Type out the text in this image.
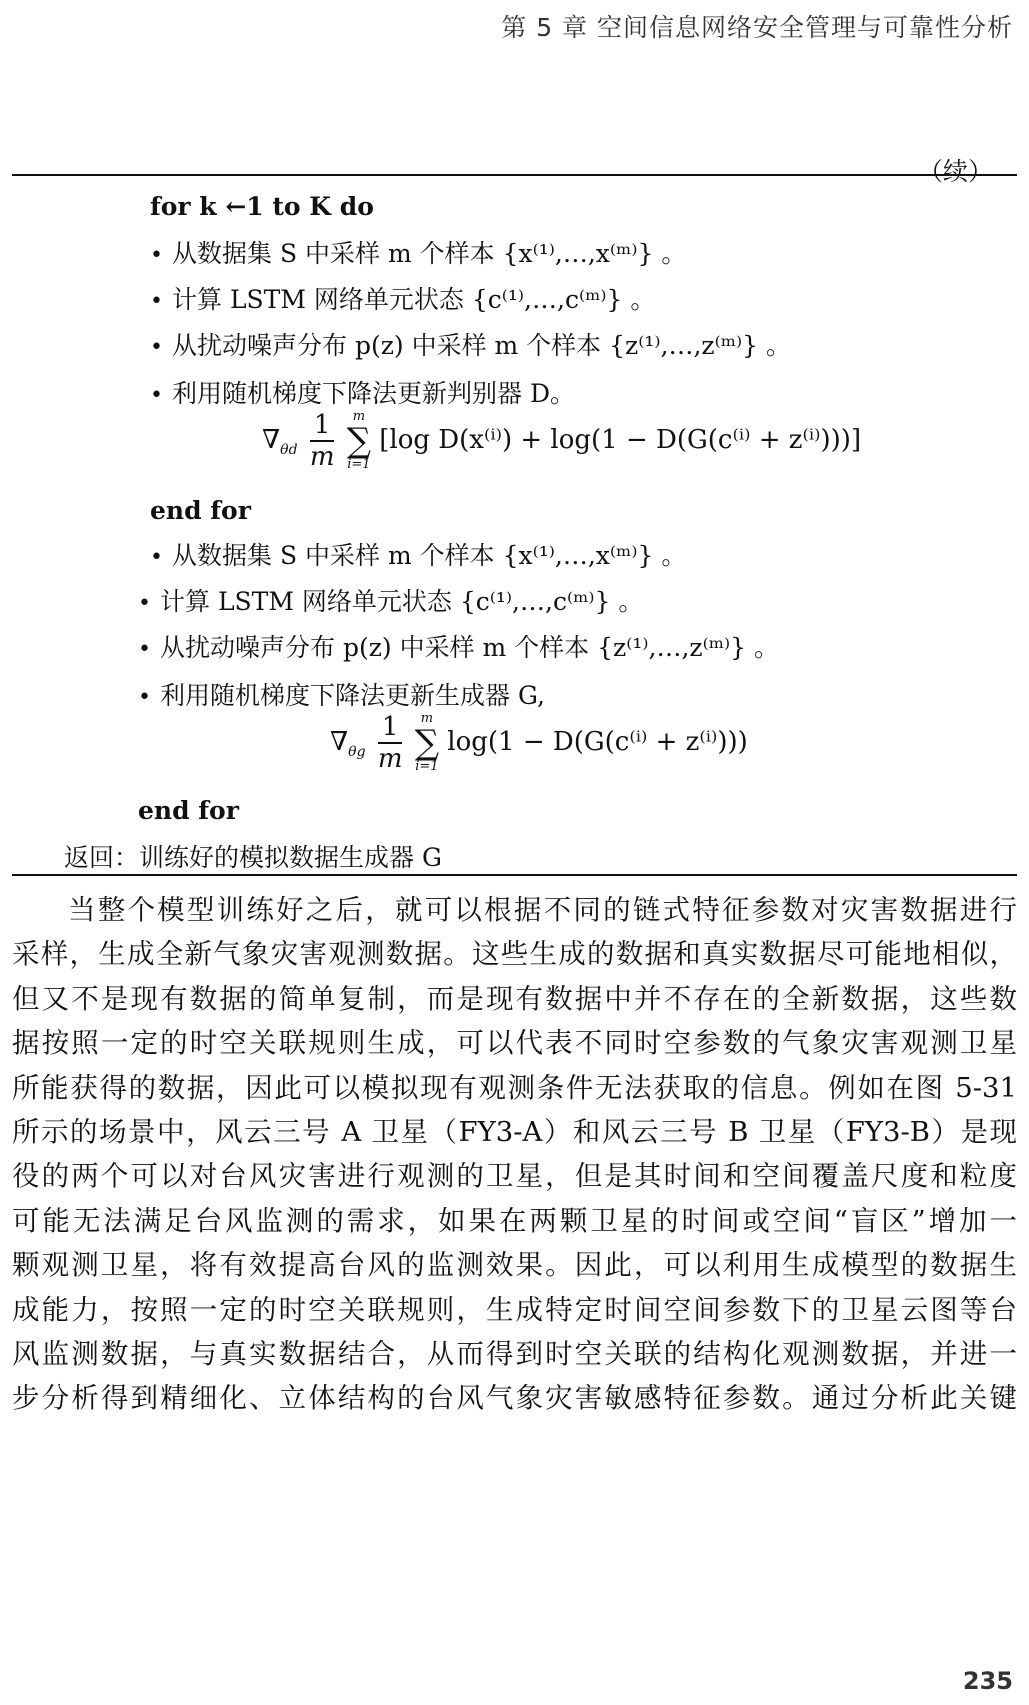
第 5 章 空间信息网络安全管理与可靠性分析
（续）
for k ←1 to K do
• 从数据集 S 中采样 m 个样本 {x⁽¹⁾,…,x⁽ᵐ⁾} 。
• 计算 LSTM 网络单元状态 {c⁽¹⁾,…,c⁽ᵐ⁾} 。
• 从扰动噪声分布 p(z) 中采样 m 个样本 {z⁽¹⁾,…,z⁽ᵐ⁾} 。
• 利用随机梯度下降法更新判别器 D。
$\nabla_{\theta d} \frac{1}{m}$
	m
∑
i=1
[log D(x⁽ⁱ⁾) + log(1 − D(G(c⁽ⁱ⁾ + z⁽ⁱ⁾)))]
end for
• 从数据集 S 中采样 m 个样本 {x⁽¹⁾,…,x⁽ᵐ⁾} 。
• 计算 LSTM 网络单元状态 {c⁽¹⁾,…,c⁽ᵐ⁾} 。
• 从扰动噪声分布 p(z) 中采样 m 个样本 {z⁽¹⁾,…,z⁽ᵐ⁾} 。
• 利用随机梯度下降法更新生成器 G,
$\nabla_{\theta g} \frac{1}{m}$
	m
∑
i=1
log(1 − D(G(c⁽ⁱ⁾ + z⁽ⁱ⁾)))
end for
返回：训练好的模拟数据生成器 G
当整个模型训练好之后，就可以根据不同的链式特征参数对灾害数据进行
采样，生成全新气象灾害观测数据。这些生成的数据和真实数据尽可能地相似，
但又不是现有数据的简单复制，而是现有数据中并不存在的全新数据，这些数
据按照一定的时空关联规则生成，可以代表不同时空参数的气象灾害观测卫星
所能获得的数据，因此可以模拟现有观测条件无法获取的信息。例如在图 5-31
所示的场景中，风云三号 A 卫星（FY3-A）和风云三号 B 卫星（FY3-B）是现
役的两个可以对台风灾害进行观测的卫星，但是其时间和空间覆盖尺度和粒度
可能无法满足台风监测的需求，如果在两颗卫星的时间或空间“盲区”增加一
颗观测卫星，将有效提高台风的监测效果。因此，可以利用生成模型的数据生
成能力，按照一定的时空关联规则，生成特定时间空间参数下的卫星云图等台
风监测数据，与真实数据结合，从而得到时空关联的结构化观测数据，并进一
步分析得到精细化、立体结构的台风气象灾害敏感特征参数。通过分析此关键
235
